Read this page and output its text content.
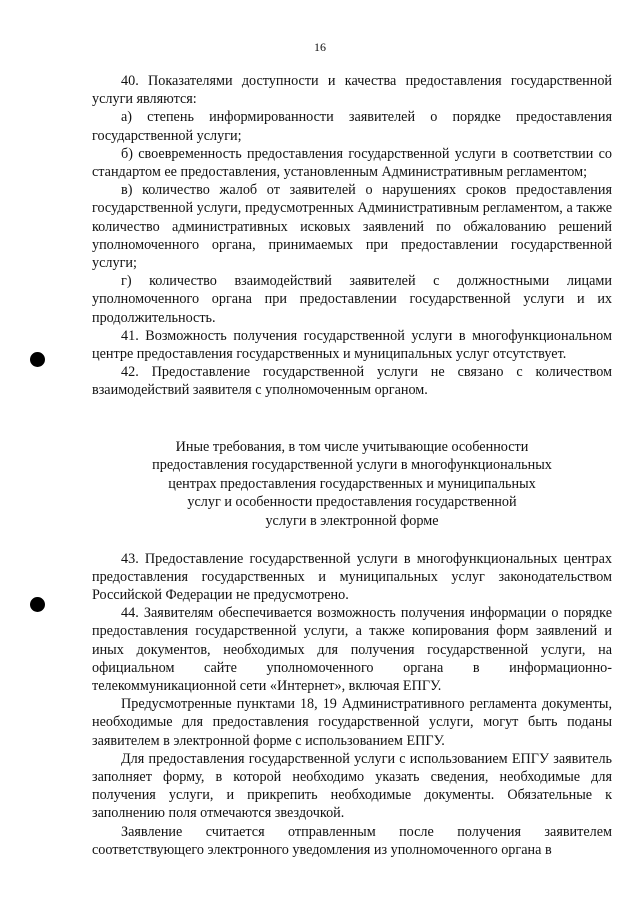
16

40. Показателями доступности и качества предоставления государственной услуги являются:

а) степень информированности заявителей о порядке предоставления государственной услуги;

б) своевременность предоставления государственной услуги в соответствии со стандартом ее предоставления, установленным Административным регламентом;

в) количество жалоб от заявителей о нарушениях сроков предоставления государственной услуги, предусмотренных Административным регламентом, а также количество административных исковых заявлений по обжалованию решений уполномоченного органа, принимаемых при предоставлении государственной услуги;

г) количество взаимодействий заявителей с должностными лицами уполномоченного органа при предоставлении государственной услуги и их продолжительность.

41. Возможность получения государственной услуги в многофункциональном центре предоставления государственных и муниципальных услуг отсутствует.

42. Предоставление государственной услуги не связано с количеством взаимодействий заявителя с уполномоченным органом.

Иные требования, в том числе учитывающие особенности
предоставления государственной услуги в многофункциональных
центрах предоставления государственных и муниципальных
услуг и особенности предоставления государственной
услуги в электронной форме

43. Предоставление государственной услуги в многофункциональных центрах предоставления государственных и муниципальных услуг законодательством Российской Федерации не предусмотрено.

44. Заявителям обеспечивается возможность получения информации о порядке предоставления государственной услуги, а также копирования форм заявлений и иных документов, необходимых для получения государственной услуги, на официальном сайте уполномоченного органа в информационно-телекоммуникационной сети «Интернет», включая ЕПГУ.

Предусмотренные пунктами 18, 19 Административного регламента документы, необходимые для предоставления государственной услуги, могут быть поданы заявителем в электронной форме с использованием ЕПГУ.

Для предоставления государственной услуги с использованием ЕПГУ заявитель заполняет форму, в которой необходимо указать сведения, необходимые для получения услуги, и прикрепить необходимые документы. Обязательные к заполнению поля отмечаются звездочкой.

Заявление считается отправленным после получения заявителем соответствующего электронного уведомления из уполномоченного органа в
